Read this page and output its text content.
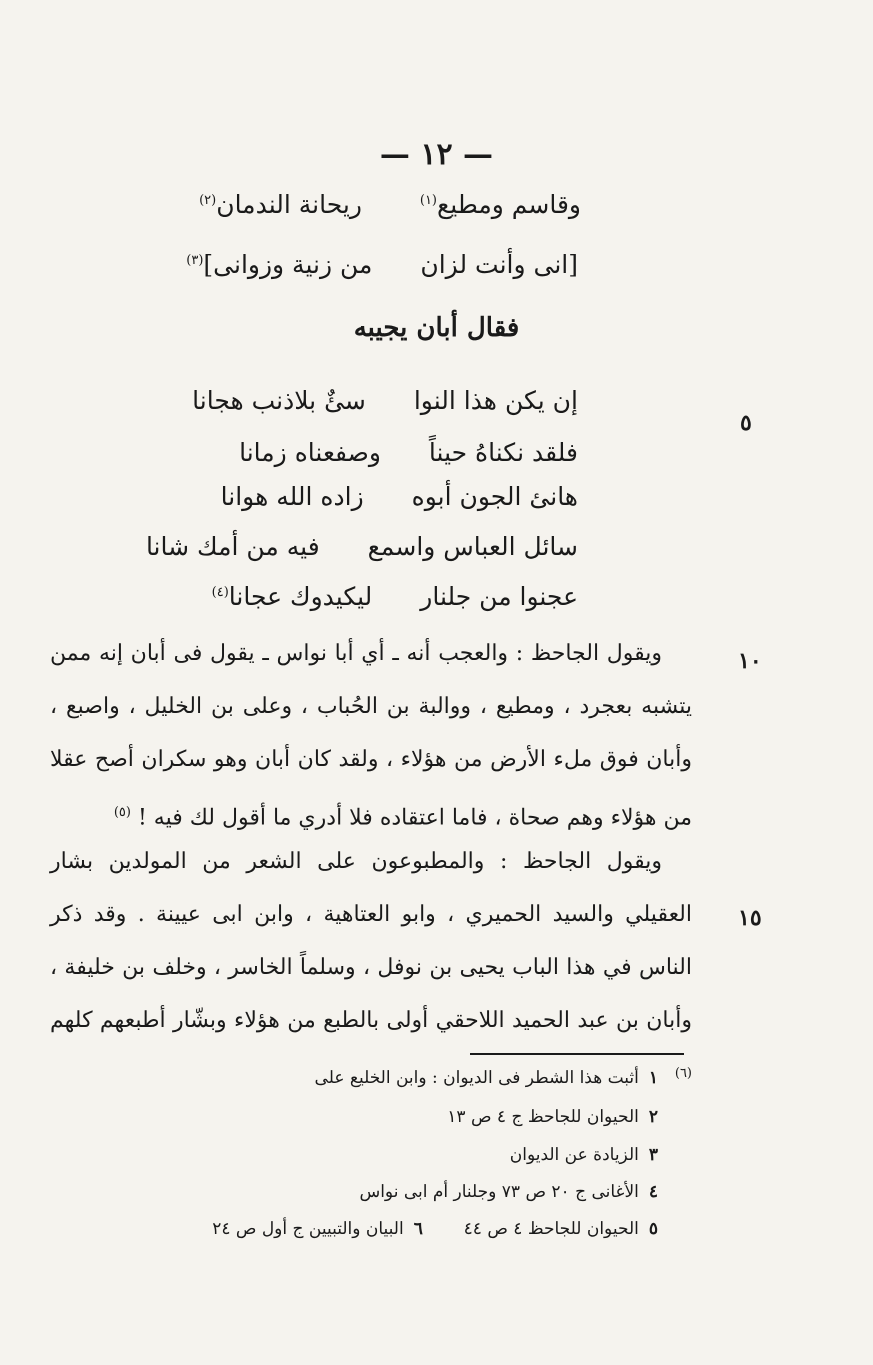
— ١٢ —
وقاسم ومطيع(١) ريحانة الندمان(٢)
[انى وأنت لزان من زنية وزوانى](٣)
فقال أبان يجيبه
إن يكن هذا النوا سئٌ بلاذنب هجانا
فلقد نكناهُ حيناً وصفعناه زمانا
هانئ الجون أبوه زاده الله هوانا
سائل العباس واسمع فيه من أمك شانا
عجنوا من جلنار ليكيدوك عجانا(٤)
٥
١٠
١٥
ويقول الجاحظ : والعجب أنه ـ أي أبا نواس ـ يقول فى أبان إنه ممن يتشبه بعجرد ، ومطيع ، ووالبة بن الحُباب ، وعلى بن الخليل ، واصبع ، وأبان فوق ملء الأرض من هؤلاء ، ولقد كان أبان وهو سكران أصح عقلا من هؤلاء وهم صحاة ، فاما اعتقاده فلا أدري ما أقول لك فيه ! $^{(٥)}$
ويقول الجاحظ : والمطبوعون على الشعر من المولدين بشار العقيلي والسيد الحميري ، وابو العتاهية ، وابن ابى عيينة . وقد ذكر الناس في هذا الباب يحيى بن نوفل ، وسلماً الخاسر ، وخلف بن خليفة ، وأبان بن عبد الحميد اللاحقي أولى بالطبع من هؤلاء وبشّار أطبعهم كلهم $^{(٦)}$
١أثبت هذا الشطر فى الديوان : وابن الخليع على
٢الحيوان للجاحظ ج ٤ ص ١٣
٣الزيادة عن الديوان
٤الأغانى ج ٢٠ ص ٧٣ وجلنار أم ابى نواس
٥الحيوان للجاحظ ٤ ص ٤٤  ٦البيان والتبيين ج أول ص ٢٤
